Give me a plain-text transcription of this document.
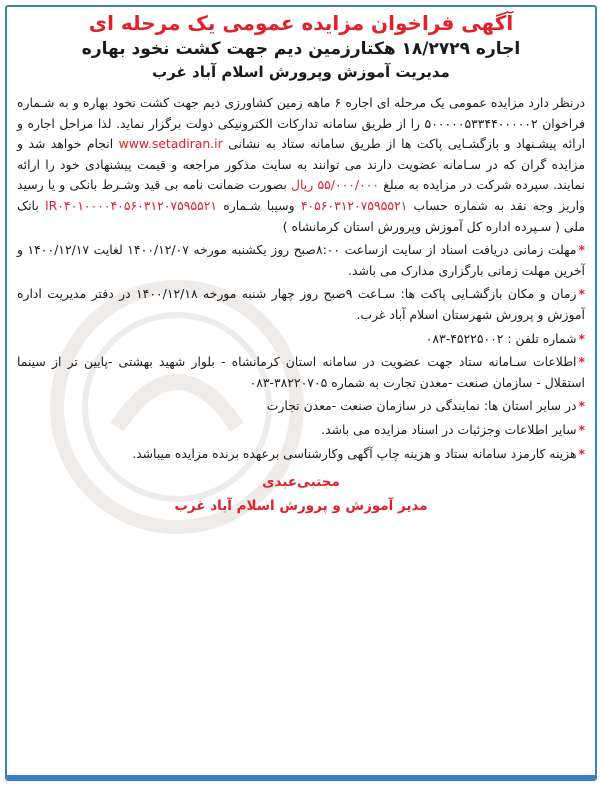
آگهی فراخوان مزایده عمومی یک مرحله ای
اجاره ۱۸/۲۷۲۹ هکتارزمین دیم جهت کشت نخود بهاره
مدیریت آموزش وپرورش اسلام آباد غرب
درنظر دارد مزایده عمومی یک مرحله ای اجاره ۶ ماهه زمین کشاورزی دیم جهت کشت نخود بهاره و به شـماره فراخوان ۵۰۰۰۰۰۵۳۳۴۴۰۰۰۰۰۲ را از طریق سامانه تدارکات الکترونیکی دولت برگزار نماید. لذا مراحل اجاره و ارائه پیشـنهاد و بازگشـایی پاکت ها از طریق سامانه ستاد به نشانی www.setadiran.ir انجام خواهد شد و مزایده گران که در سـامانه عضویت دارند می توانند به سایت مذکور مراجعه و قیمت پیشنهادی خود را ارائه نمایند. سپرده شرکت در مزایده به مبلغ ۵۵/۰۰۰/۰۰۰ ریال بصورت ضمانت نامه بی قید وشـرط بانکی و یا رسید واریز وجه نقد به شماره حساب ۴۰۵۶۰۳۱۲۰۷۵۹۵۵۲۱ وسیبا شـماره IR۰۴۰۱۰۰۰۰۴۰۵۶۰۳۱۲۰۷۵۹۵۵۲۱ بانک ملی ( سـپرده اداره کل آموزش وپرورش استان کرمانشاه )
*مهلت زمانی دریافت اسناد از سایت ازساعت ۸:۰۰صبح روز یکشنبه مورخه ۱۴۰۰/۱۲/۰۷ لغایت ۱۴۰۰/۱۲/۱۷ و آخرین مهلت زمانی بارگزاری مدارک می باشد.
*زمان و مکان بازگشـایی پاکت ها: سـاعت ۹صبح روز چهار شنبه مورخه ۱۴۰۰/۱۲/۱۸ در دفتر مدیریت اداره آموزش و پرورش شهرستان اسلام آباد غرب.
*شماره تلفن : ۴۵۲۲۵۰۰۲-۰۸۳
*اطلاعات سـامانه ستاد جهت عضویت در سامانه استان کرمانشاه - بلوار شهید بهشتی -پایین تر از سینما استقلال - سازمان صنعت -معدن تجارت به شماره ۳۸۲۲۰۷۰۵-۰۸۳
*در سایر استان ها: نمایندگی در سازمان صنعت -معدن تجارت
*سایر اطلاعات وجزئیات در اسناد مزایده می باشد.
*هزینه کارمزد سامانه ستاد و هزینه چاپ آگهی وکارشناسی برعهده برنده مزایده میباشد.
مجتبی‌عبدی
مدیر آموزش و پرورش اسلام آباد غرب
